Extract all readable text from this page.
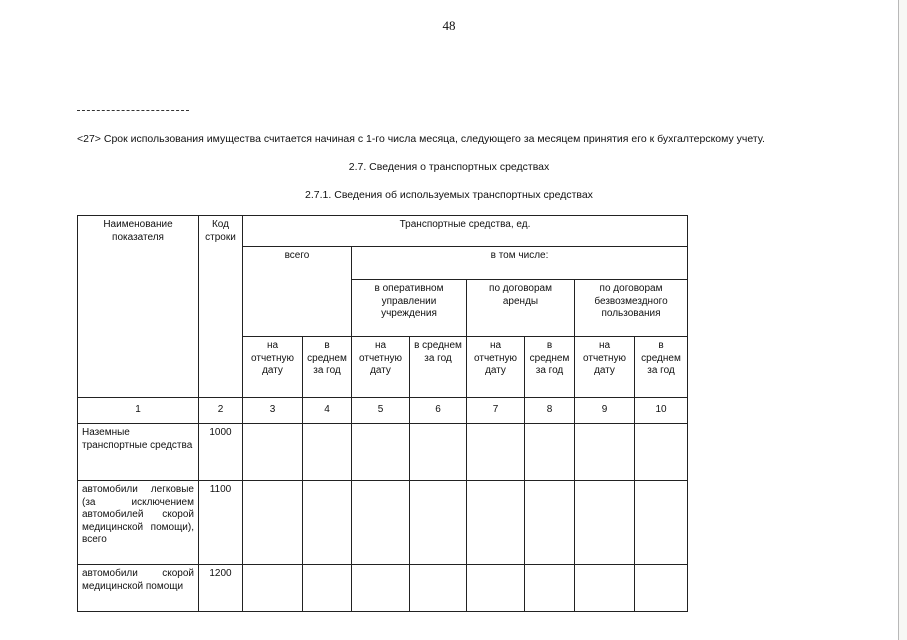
48
<27> Срок использования имущества считается начиная с 1-го числа месяца, следующего за месяцем принятия его к бухгалтерскому учету.
2.7. Сведения о транспортных средствах
2.7.1. Сведения об используемых транспортных средствах
Наименование показателя	Код строки	Транспортные средства, ед.							
		всего		в том числе:					
				в оперативном управлении учреждения		по договорам аренды		по договорам безвозмездного пользования	
		на отчетную дату	в среднем за год	на отчетную дату	в среднем за год	на отчетную дату	в среднем за год	на отчетную дату	в среднем за год
1	2	3	4	5	6	7	8	9	10
Наземные транспортные средства	1000								
автомобили легковые (за исключением автомобилей скорой медицинской помощи), всего	1100								
автомобили скорой медицинской помощи	1200								
